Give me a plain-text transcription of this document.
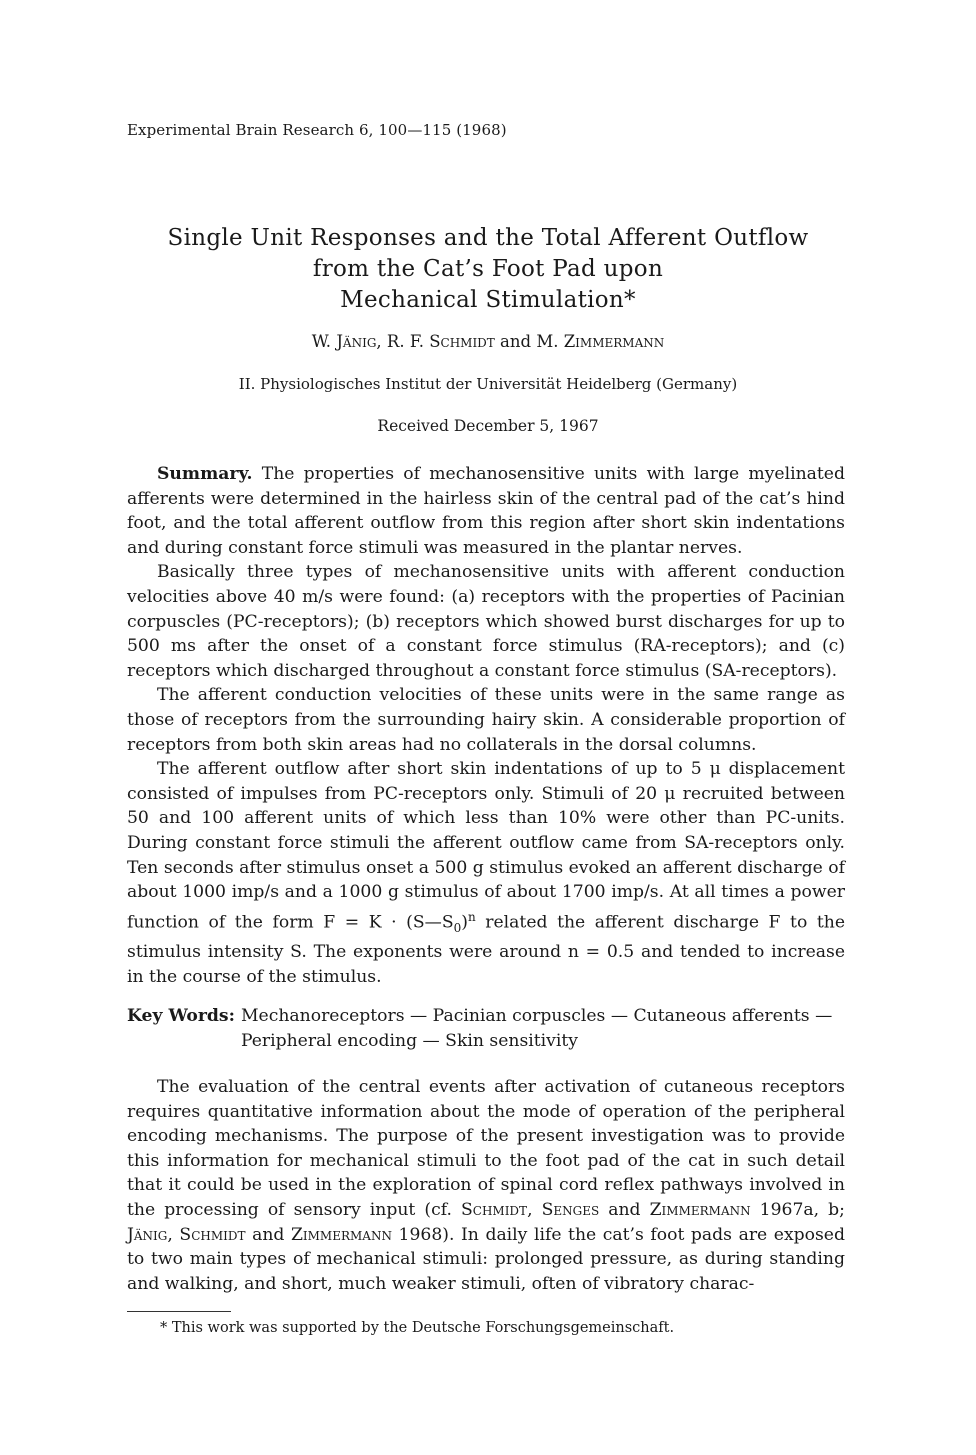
Experimental Brain Research 6, 100—115 (1968)
Single Unit Responses and the Total Afferent Outflow
from the Cat’s Foot Pad upon
Mechanical Stimulation*
W. Jänig, R. F. Schmidt and M. Zimmermann
II. Physiologisches Institut der Universität Heidelberg (Germany)
Received December 5, 1967

Summary. The properties of mechanosensitive units with large myelinated afferents were determined in the hairless skin of the central pad of the cat’s hind foot, and the total afferent outflow from this region after short skin indentations and during constant force stimuli was measured in the plantar nerves.

Basically three types of mechanosensitive units with afferent conduction velocities above 40 m/s were found: (a) receptors with the properties of Pacinian corpuscles (PC-receptors); (b) receptors which showed burst discharges for up to 500 ms after the onset of a constant force stimulus (RA-receptors); and (c) receptors which discharged throughout a constant force stimulus (SA-receptors).

The afferent conduction velocities of these units were in the same range as those of receptors from the surrounding hairy skin. A considerable proportion of receptors from both skin areas had no collaterals in the dorsal columns.

The afferent outflow after short skin indentations of up to 5 μ displacement consisted of impulses from PC-receptors only. Stimuli of 20 μ recruited between 50 and 100 afferent units of which less than 10% were other than PC-units. During constant force stimuli the afferent outflow came from SA-receptors only. Ten seconds after stimulus onset a 500 g stimulus evoked an afferent discharge of about 1000 imp/s and a 1000 g stimulus of about 1700 imp/s. At all times a power function of the form $F = K \cdot (S—S_0)^n$ related the afferent discharge F to the stimulus intensity S. The exponents were around n = 0.5 and tended to increase in the course of the stimulus.

Key Words: Mechanoreceptors — Pacinian corpuscles — Cutaneous afferents —
Peripheral encoding — Skin sensitivity

The evaluation of the central events after activation of cutaneous receptors requires quantitative information about the mode of operation of the peripheral encoding mechanisms. The purpose of the present investigation was to provide this information for mechanical stimuli to the foot pad of the cat in such detail that it could be used in the exploration of spinal cord reflex pathways involved in the processing of sensory input (cf. Schmidt, Senges and Zimmermann 1967a, b; Jänig, Schmidt and Zimmermann 1968). In daily life the cat’s foot pads are exposed to two main types of mechanical stimuli: prolonged pressure, as during standing and walking, and short, much weaker stimuli, often of vibratory charac-

* This work was supported by the Deutsche Forschungsgemeinschaft.
